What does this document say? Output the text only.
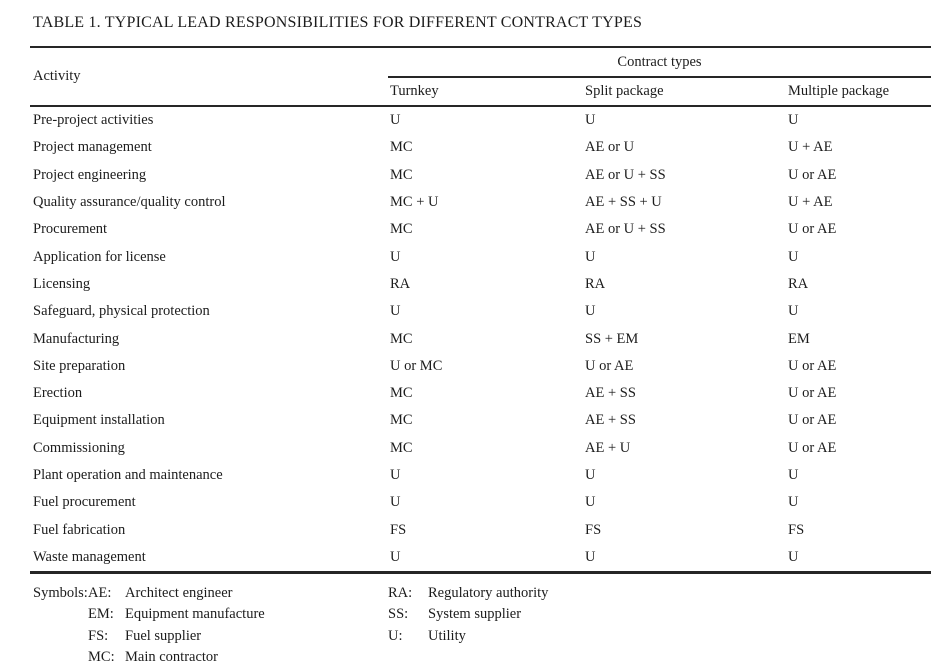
TABLE 1. TYPICAL LEAD RESPONSIBILITIES FOR DIFFERENT CONTRACT TYPES
Activity
Contract types
Turnkey	Split package	Multiple package
Pre-project activities	U	U	U
Project management	MC	AE or U	U + AE
Project engineering	MC	AE or U + SS	U or AE
Quality assurance/quality control	MC + U	AE + SS + U	U + AE
Procurement	MC	AE or U + SS	U or AE
Application for license	U	U	U
Licensing	RA	RA	RA
Safeguard, physical protection	U	U	U
Manufacturing	MC	SS + EM	EM
Site preparation	U or MC	U or AE	U or AE
Erection	MC	AE + SS	U or AE
Equipment installation	MC	AE + SS	U or AE
Commissioning	MC	AE + U	U or AE
Plant operation and maintenance	U	U	U
Fuel procurement	U	U	U
Fuel fabrication	FS	FS	FS
Waste management	U	U	U
Symbols: AE: Architect engineer	RA:	Regulatory authority
EM: Equipment manufacture	SS:	System supplier
FS:	Fuel supplier	U:	Utility
MC: Main contractor
